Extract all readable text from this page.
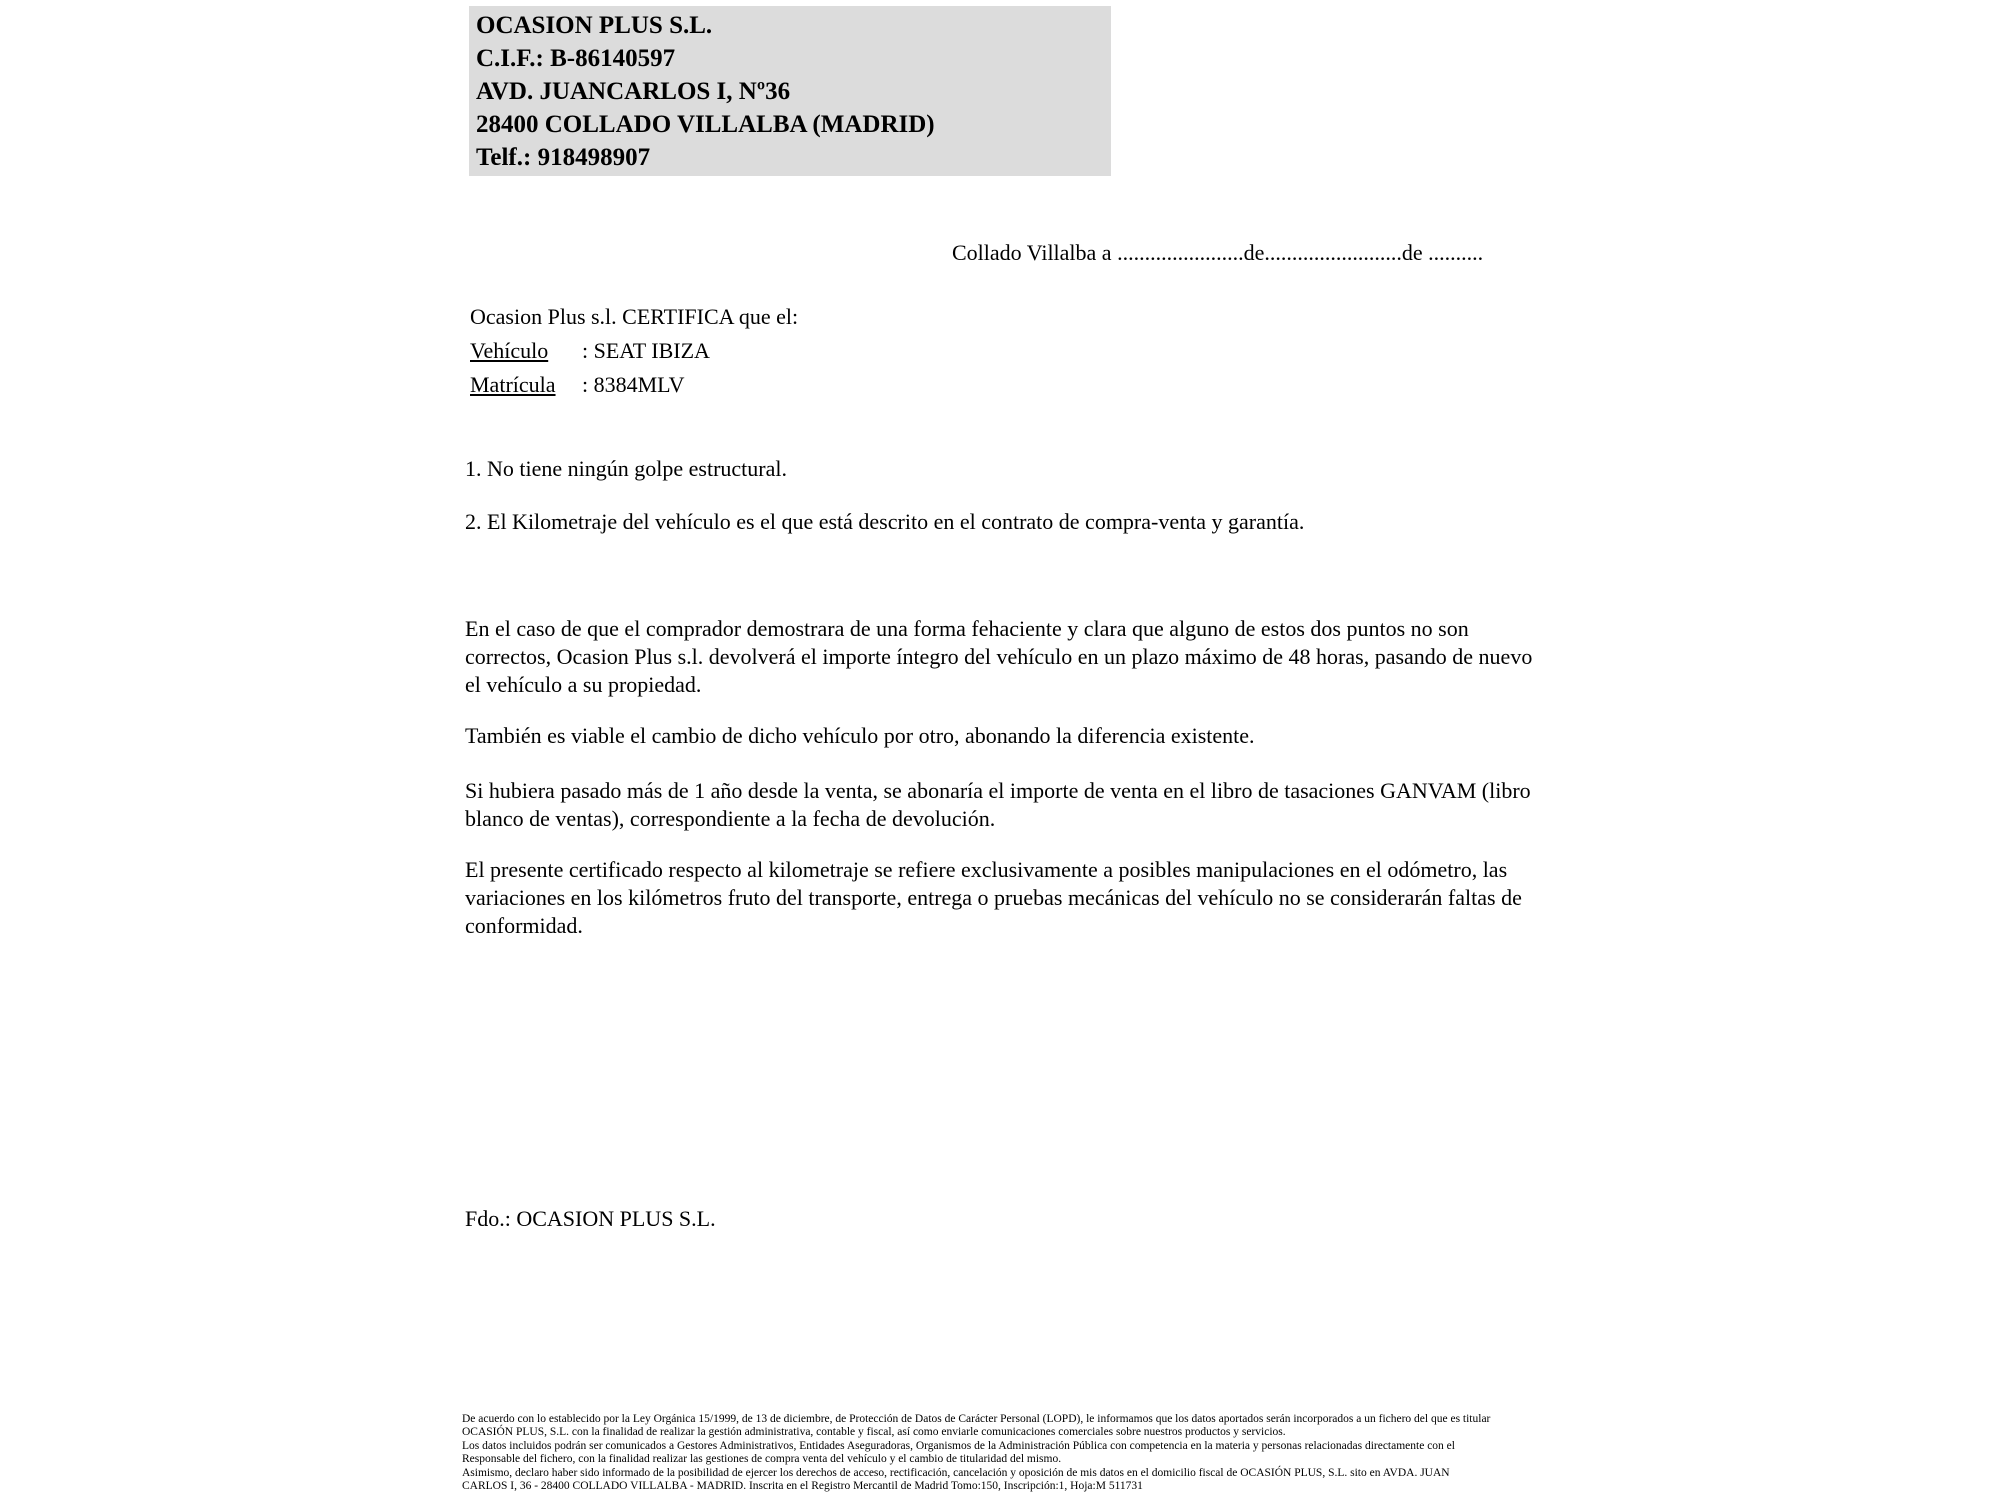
OCASION PLUS S.L.
C.I.F.: B-86140597
AVD. JUANCARLOS I, Nº36
28400 COLLADO VILLALBA (MADRID)
Telf.: 918498907
Collado Villalba a .......................de.........................de ..........
Ocasion Plus s.l. CERTIFICA que el:
Vehículo : SEAT IBIZA
Matrícula : 8384MLV
1. No tiene ningún golpe estructural.
2. El Kilometraje del vehículo es el que está descrito en el contrato de compra-venta y garantía.
En el caso de que el comprador demostrara de una forma fehaciente y clara que alguno de estos dos puntos no son correctos, Ocasion Plus s.l. devolverá el importe íntegro del vehículo en un plazo máximo de 48 horas, pasando de nuevo el vehículo a su propiedad.
También es viable el cambio de dicho vehículo por otro, abonando la diferencia existente.
Si hubiera pasado más de 1 año desde la venta, se abonaría el importe de venta en el libro de tasaciones GANVAM (libro blanco de ventas), correspondiente a la fecha de devolución.
El presente certificado respecto al kilometraje se refiere exclusivamente a posibles manipulaciones en el odómetro, las variaciones en los kilómetros fruto del transporte, entrega o pruebas mecánicas del vehículo no se considerarán faltas de conformidad.
Fdo.: OCASION PLUS S.L.
De acuerdo con lo establecido por la Ley Orgánica 15/1999, de 13 de diciembre, de Protección de Datos de Carácter Personal (LOPD), le informamos que los datos aportados serán incorporados a un fichero del que es titular
OCASIÓN PLUS, S.L. con la finalidad de realizar la gestión administrativa, contable y fiscal, así como enviarle comunicaciones comerciales sobre nuestros productos y servicios.
Los datos incluidos podrán ser comunicados a Gestores Administrativos, Entidades Aseguradoras, Organismos de la Administración Pública con competencia en la materia y personas relacionadas directamente con el
Responsable del fichero, con la finalidad realizar las gestiones de compra venta del vehículo y el cambio de titularidad del mismo.
Asimismo, declaro haber sido informado de la posibilidad de ejercer los derechos de acceso, rectificación, cancelación y oposición de mis datos en el domicilio fiscal de OCASIÓN PLUS, S.L. sito en AVDA. JUAN
CARLOS I, 36 - 28400 COLLADO VILLALBA - MADRID. Inscrita en el Registro Mercantil de Madrid Tomo:150, Inscripción:1, Hoja:M 511731
